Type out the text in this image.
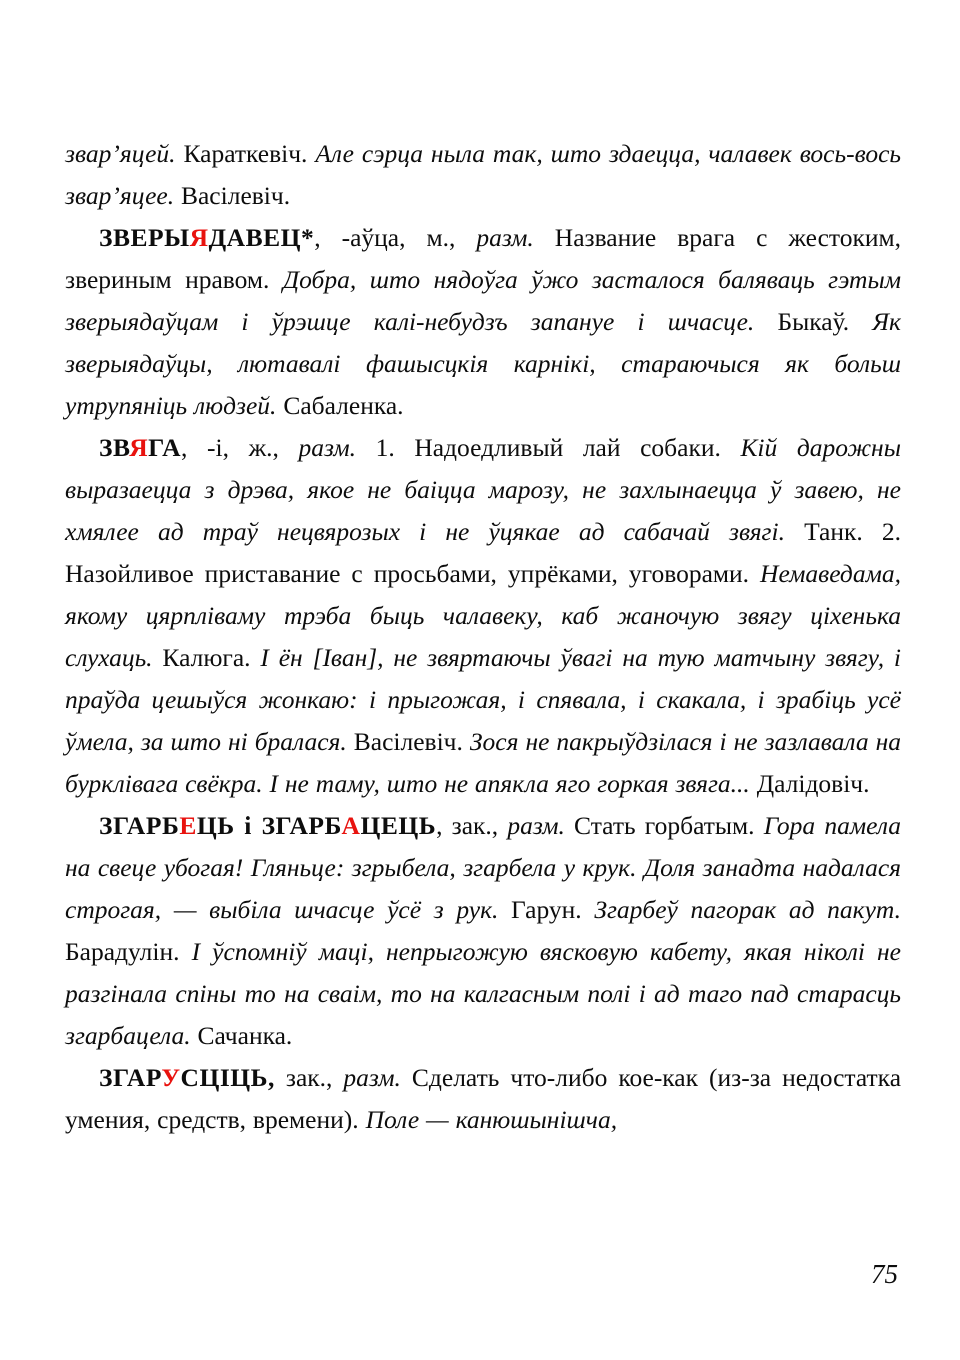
звар’яцей. Караткевіч. Але сэрца ныла так, што здаецца, чалавек вось-вось звар’яцее. Васілевіч.

ЗВЕРЫЯДАВЕЦ*, -аўца, м., разм. Название врага с жестоким, звериным нравом. Добра, што нядоўга ўжо засталося баляваць гэтым зверыядаўцам і ўрэшце калі-небудзъ запануе і шчасце. Быкаў. Як зверыядаўцы, лютавалі фашысцкія карнікі, стараючыся як больш утрупяніць людзей. Сабаленка.

ЗВЯГА, -і, ж., разм. 1. Надоедливый лай собаки. Кій дарожны выразаецца з дрэва, якое не баіцца марозу, не захлынаецца ў завею, не хмялее ад траў нецвярозых і не ўцякае ад сабачай звягі. Танк. 2. Назойливое приставание с просьбами, упрёками, уговорами. Немаведама, якому цярпліваму трэба быць чалавеку, каб жаночую звягу ціхенька слухаць. Калюга. І ён [Іван], не звяртаючы ўвагі на тую матчыну звягу, і праўда цешыўся жонкаю: і прыгожая, і спявала, і скакала, і зрабіць усё ўмела, за што ні бралася. Васілевіч. Зося не пакрыўдзілася і не зазлавала на бурклівага свёкра. І не таму, што не апякла яго горкая звяга... Далідовіч.

ЗГАРБЕЦЬ і ЗГАРБАЦЕЦЬ, зак., разм. Стать горбатым. Гора памела на свеце убогая! Гляньце: згрыбела, згарбела у крук. Доля занадта надалася строгая, — выбіла шчасце ўсё з рук. Гарун. Згарбеў пагорак ад пакут. Барадулін. І ўспомніў маці, непрыгожую вясковую кабету, якая ніколі не разгінала спіны то на сваім, то на калгасным полі і ад таго пад старасць згарбацела. Сачанка.

ЗГАРУСЦІЦЬ, зак., разм. Сделать что-либо кое-как (из-за недостатка умения, средств, времени). Поле — канюшынішча,

75
